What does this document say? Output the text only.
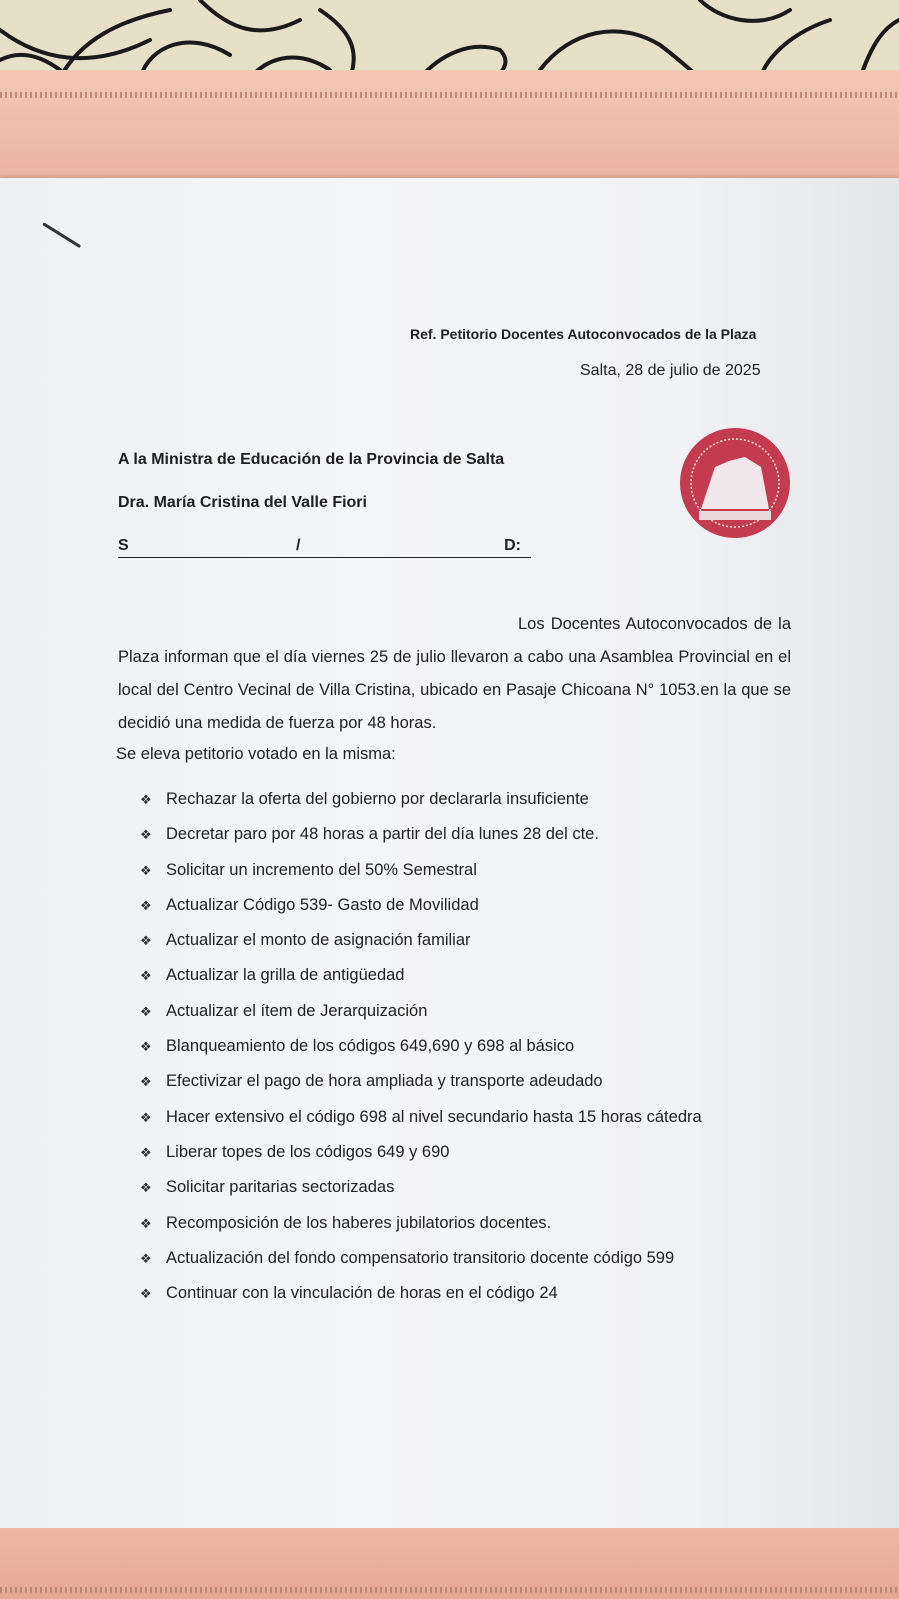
Ref. Petitorio Docentes Autoconvocados de la Plaza
Salta, 28 de julio de 2025
A la Ministra de Educación de la Provincia de Salta
Dra. María Cristina del Valle Fiori
S	/	D:
Los Docentes Autoconvocados de la Plaza informan que el día viernes 25 de julio llevaron a cabo una Asamblea Provincial en el local del Centro Vecinal de Villa Cristina, ubicado en Pasaje Chicoana N° 1053.en la que se decidió una medida de fuerza por 48 horas.
Se eleva petitorio votado en la misma:
❖ Rechazar la oferta del gobierno por declararla insuficiente
❖ Decretar paro por 48 horas a partir del día lunes 28 del cte.
❖ Solicitar un incremento del 50% Semestral
❖ Actualizar Código 539- Gasto de Movilidad
❖ Actualizar el monto de asignación familiar
❖ Actualizar la grilla de antigüedad
❖ Actualizar el ítem de Jerarquización
❖ Blanqueamiento de los códigos 649,690 y 698 al básico
❖ Efectivizar el pago de hora ampliada y transporte adeudado
❖ Hacer extensivo el código 698 al nivel secundario hasta 15 horas cátedra
❖ Liberar topes de los códigos 649 y 690
❖ Solicitar paritarias sectorizadas
❖ Recomposición de los haberes jubilatorios docentes.
❖ Actualización del fondo compensatorio transitorio docente código 599
❖ Continuar con la vinculación de horas en el código 24
